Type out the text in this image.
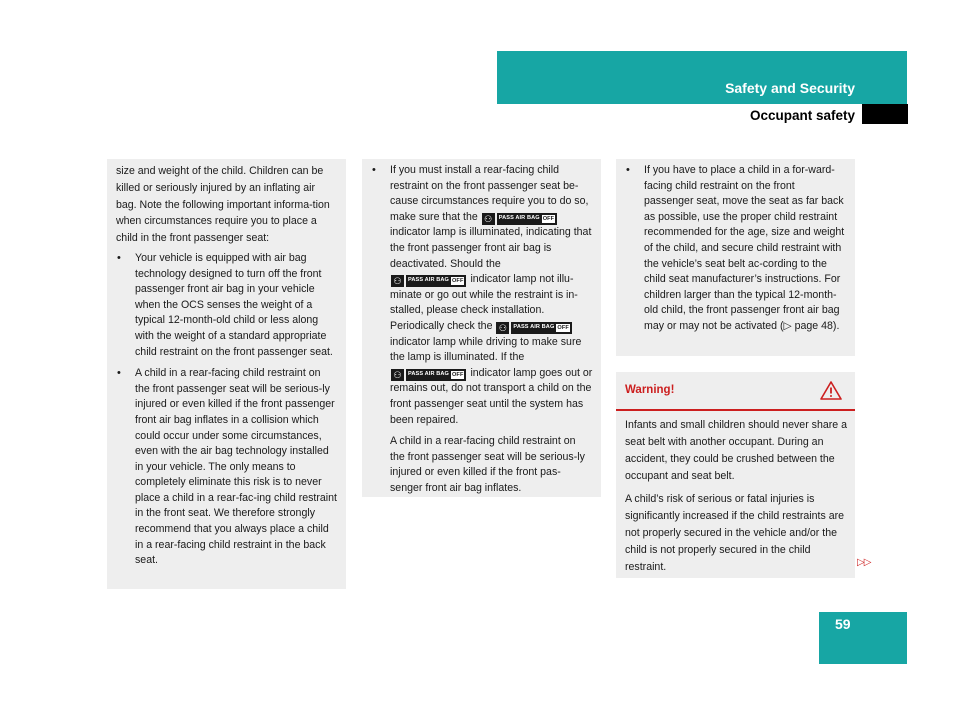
Safety and Security
Occupant safety

size and weight of the child. Children can be killed or seriously injured by an inflating air bag. Note the following important informa-tion when circumstances require you to place a child in the front passenger seat:

• Your vehicle is equipped with air bag technology designed to turn off the front passenger front air bag in your vehicle when the OCS senses the weight of a typical 12-month-old child or less along with the weight of a standard appropriate child restraint on the front passenger seat.
• A child in a rear-facing child restraint on the front passenger seat will be serious-ly injured or even killed if the front passenger front air bag inflates in a collision which could occur under some circumstances, even with the air bag technology installed in your vehicle. The only means to completely eliminate this risk is to never place a child in a rear-fac-ing child restraint in the front seat. We therefore strongly recommend that you always place a child in a rear-facing child restraint in the back seat.
• If you must install a rear-facing child restraint on the front passenger seat be-cause circumstances require you to do so, make sure that the ⚇	PASS AIR BAG OFF
indicator lamp is illuminated, indicating that the front passenger front air bag is deactivated. Should the

⚇	PASS AIR BAG OFF indicator lamp not illu-minate or go out while the restraint is in-stalled, please check installation. Periodically check the ⚇	PASS AIR BAG OFF
indicator lamp while driving to make sure the lamp is illuminated. If the

⚇	PASS AIR BAG OFF indicator lamp goes out or remains out, do not transport a child on the front passenger seat until the system has been repaired.

A child in a rear-facing child restraint on the front passenger seat will be serious-ly injured or even killed if the front pas-senger front air bag inflates.

• If you have to place a child in a for-ward-facing child restraint on the front passenger seat, move the seat as far back as possible, use the proper child restraint recommended for the age, size and weight of the child, and secure child restraint with the vehicle’s seat belt ac-cording to the child seat manufacturer’s instructions. For children larger than the typical 12-month-old child, the front passenger front air bag may or may not be activated (▷ page 48).
Warning!

Infants and small children should never share a seat belt with another occupant. During an accident, they could be crushed between the occupant and seat belt.

A child’s risk of serious or fatal injuries is significantly increased if the child restraints are not properly secured in the vehicle and/or the child is not properly secured in the child restraint.	▷▷
59
